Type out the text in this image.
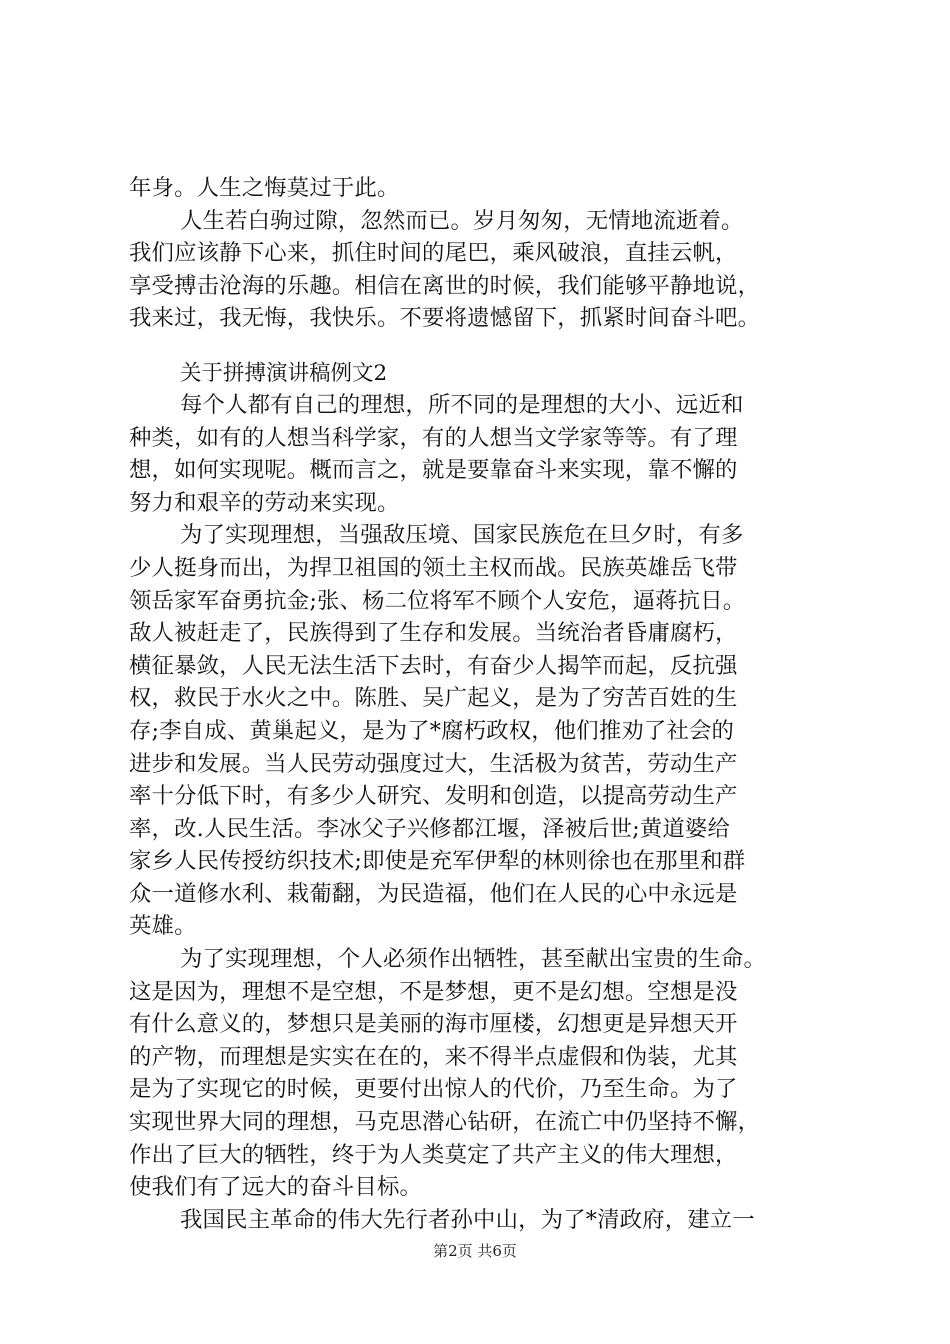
年身。人生之悔莫过于此。
人生若白驹过隙，忽然而已。岁月匆匆，无情地流逝着。
我们应该静下心来，抓住时间的尾巴，乘风破浪，直挂云帆，
享受搏击沧海的乐趣。相信在离世的时候，我们能够平静地说，
我来过，我无悔，我快乐。不要将遗憾留下，抓紧时间奋斗吧。
关于拼搏演讲稿例文2
每个人都有自己的理想，所不同的是理想的大小、远近和
种类，如有的人想当科学家，有的人想当文学家等等。有了理
想，如何实现呢。概而言之，就是要靠奋斗来实现，靠不懈的
努力和艰辛的劳动来实现。
为了实现理想，当强敌压境、国家民族危在旦夕时，有多
少人挺身而出，为捍卫祖国的领土主权而战。民族英雄岳飞带
领岳家军奋勇抗金;张、杨二位将军不顾个人安危，逼蒋抗日。
敌人被赶走了，民族得到了生存和发展。当统治者昏庸腐朽，
横征暴敛，人民无法生活下去时，有奋少人揭竿而起，反抗强
权，救民于水火之中。陈胜、吴广起义，是为了穷苦百姓的生
存;李自成、黄巢起义，是为了*腐朽政权，他们推劝了社会的
进步和发展。当人民劳动强度过大，生活极为贫苦，劳动生产
率十分低下时，有多少人研究、发明和创造，以提高劳动生产
率，改.人民生活。李冰父子兴修都江堰，泽被后世;黄道婆给
家乡人民传授纺织技术;即使是充军伊犁的林则徐也在那里和群
众一道修水利、栽葡翻，为民造福，他们在人民的心中永远是
英雄。
为了实现理想，个人必须作出牺牲，甚至献出宝贵的生命。
这是因为，理想不是空想，不是梦想，更不是幻想。空想是没
有什么意义的，梦想只是美丽的海市厘楼，幻想更是异想天开
的产物，而理想是实实在在的，来不得半点虚假和伪装，尤其
是为了实现它的时候，更要付出惊人的代价，乃至生命。为了
实现世界大同的理想，马克思潜心钻研，在流亡中仍坚持不懈，
作出了巨大的牺牲，终于为人类莫定了共产主义的伟大理想，
使我们有了远大的奋斗目标。
我国民主革命的伟大先行者孙中山，为了*清政府，建立一
第2页 共6页
